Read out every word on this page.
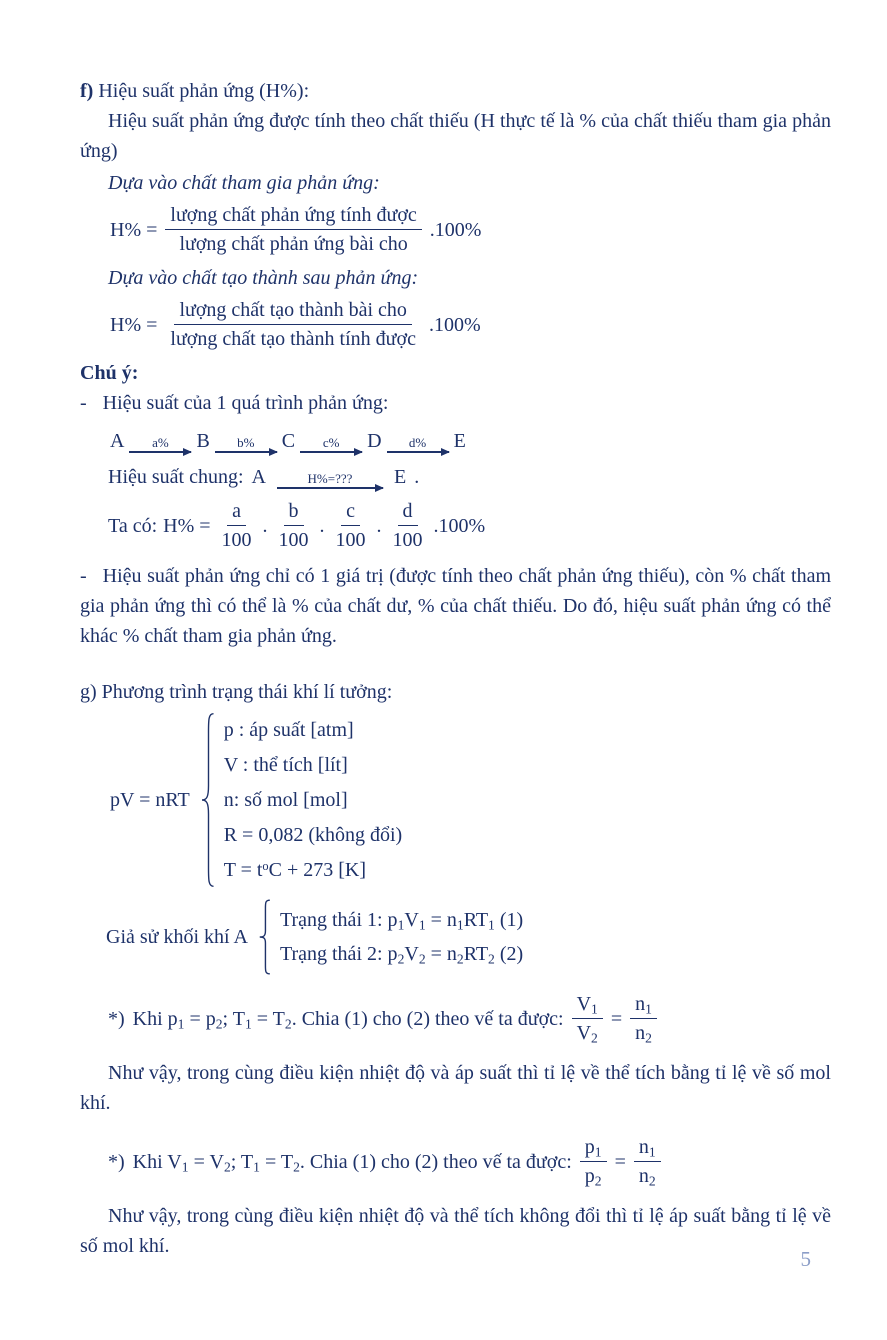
f) Hiệu suất phản ứng (H%):

Hiệu suất phản ứng được tính theo chất thiếu (H thực tế là % của chất thiếu tham gia phản ứng)

Dựa vào chất tham gia phản ứng:

$H\% = \frac{\text{lượng chất phản ứng tính được}}{\text{lượng chất phản ứng bài cho}} .100\%$

Dựa vào chất tạo thành sau phản ứng:

$H\% = \frac{\text{lượng chất tạo thành bài cho}}{\text{lượng chất tạo thành tính được}} .100\%$

Chú ý:

- Hiệu suất của 1 quá trình phản ứng:

A a% B b% C c% D d% E
Hiệu suất chung: A	H%=??? E .
Ta có: $H\% = \frac{a}{100}$ . $\frac{b}{100}$ . $\frac{c}{100}$ . $\frac{d}{100} .100\%$

- Hiệu suất phản ứng chỉ có 1 giá trị (được tính theo chất phản ứng thiếu), còn % chất tham gia phản ứng thì có thể là % của chất dư, % của chất thiếu. Do đó, hiệu suất phản ứng có thể khác % chất tham gia phản ứng.

g) Phương trình trạng thái khí lí tưởng:

pV = nRT
p : áp suất [atm]
V : thể tích [lít]
n: số mol [mol]
R = 0,082 (không đổi)
$T = t^oC + 273$ [K]
Giả sử khối khí A
Trạng thái 1: $p_1V_1 = n_1RT_1$ (1)
Trạng thái 2: $p_2V_2 = n_2RT_2$ (2)
*) Khi $p_1 = p_2$; $T_1 = T_2$. Chia (1) cho (2) theo vế ta được: $\frac{V_1}{V_2} = \frac{n_1}{n_2}$

Như vậy, trong cùng điều kiện nhiệt độ và áp suất thì tỉ lệ về thể tích bằng tỉ lệ về số mol khí.

*) Khi $V_1 = V_2$; $T_1 = T_2$. Chia (1) cho (2) theo vế ta được: $\frac{p_1}{p_2} = \frac{n_1}{n_2}$

Như vậy, trong cùng điều kiện nhiệt độ và thể tích không đổi thì tỉ lệ áp suất bằng tỉ lệ về số mol khí.

5
